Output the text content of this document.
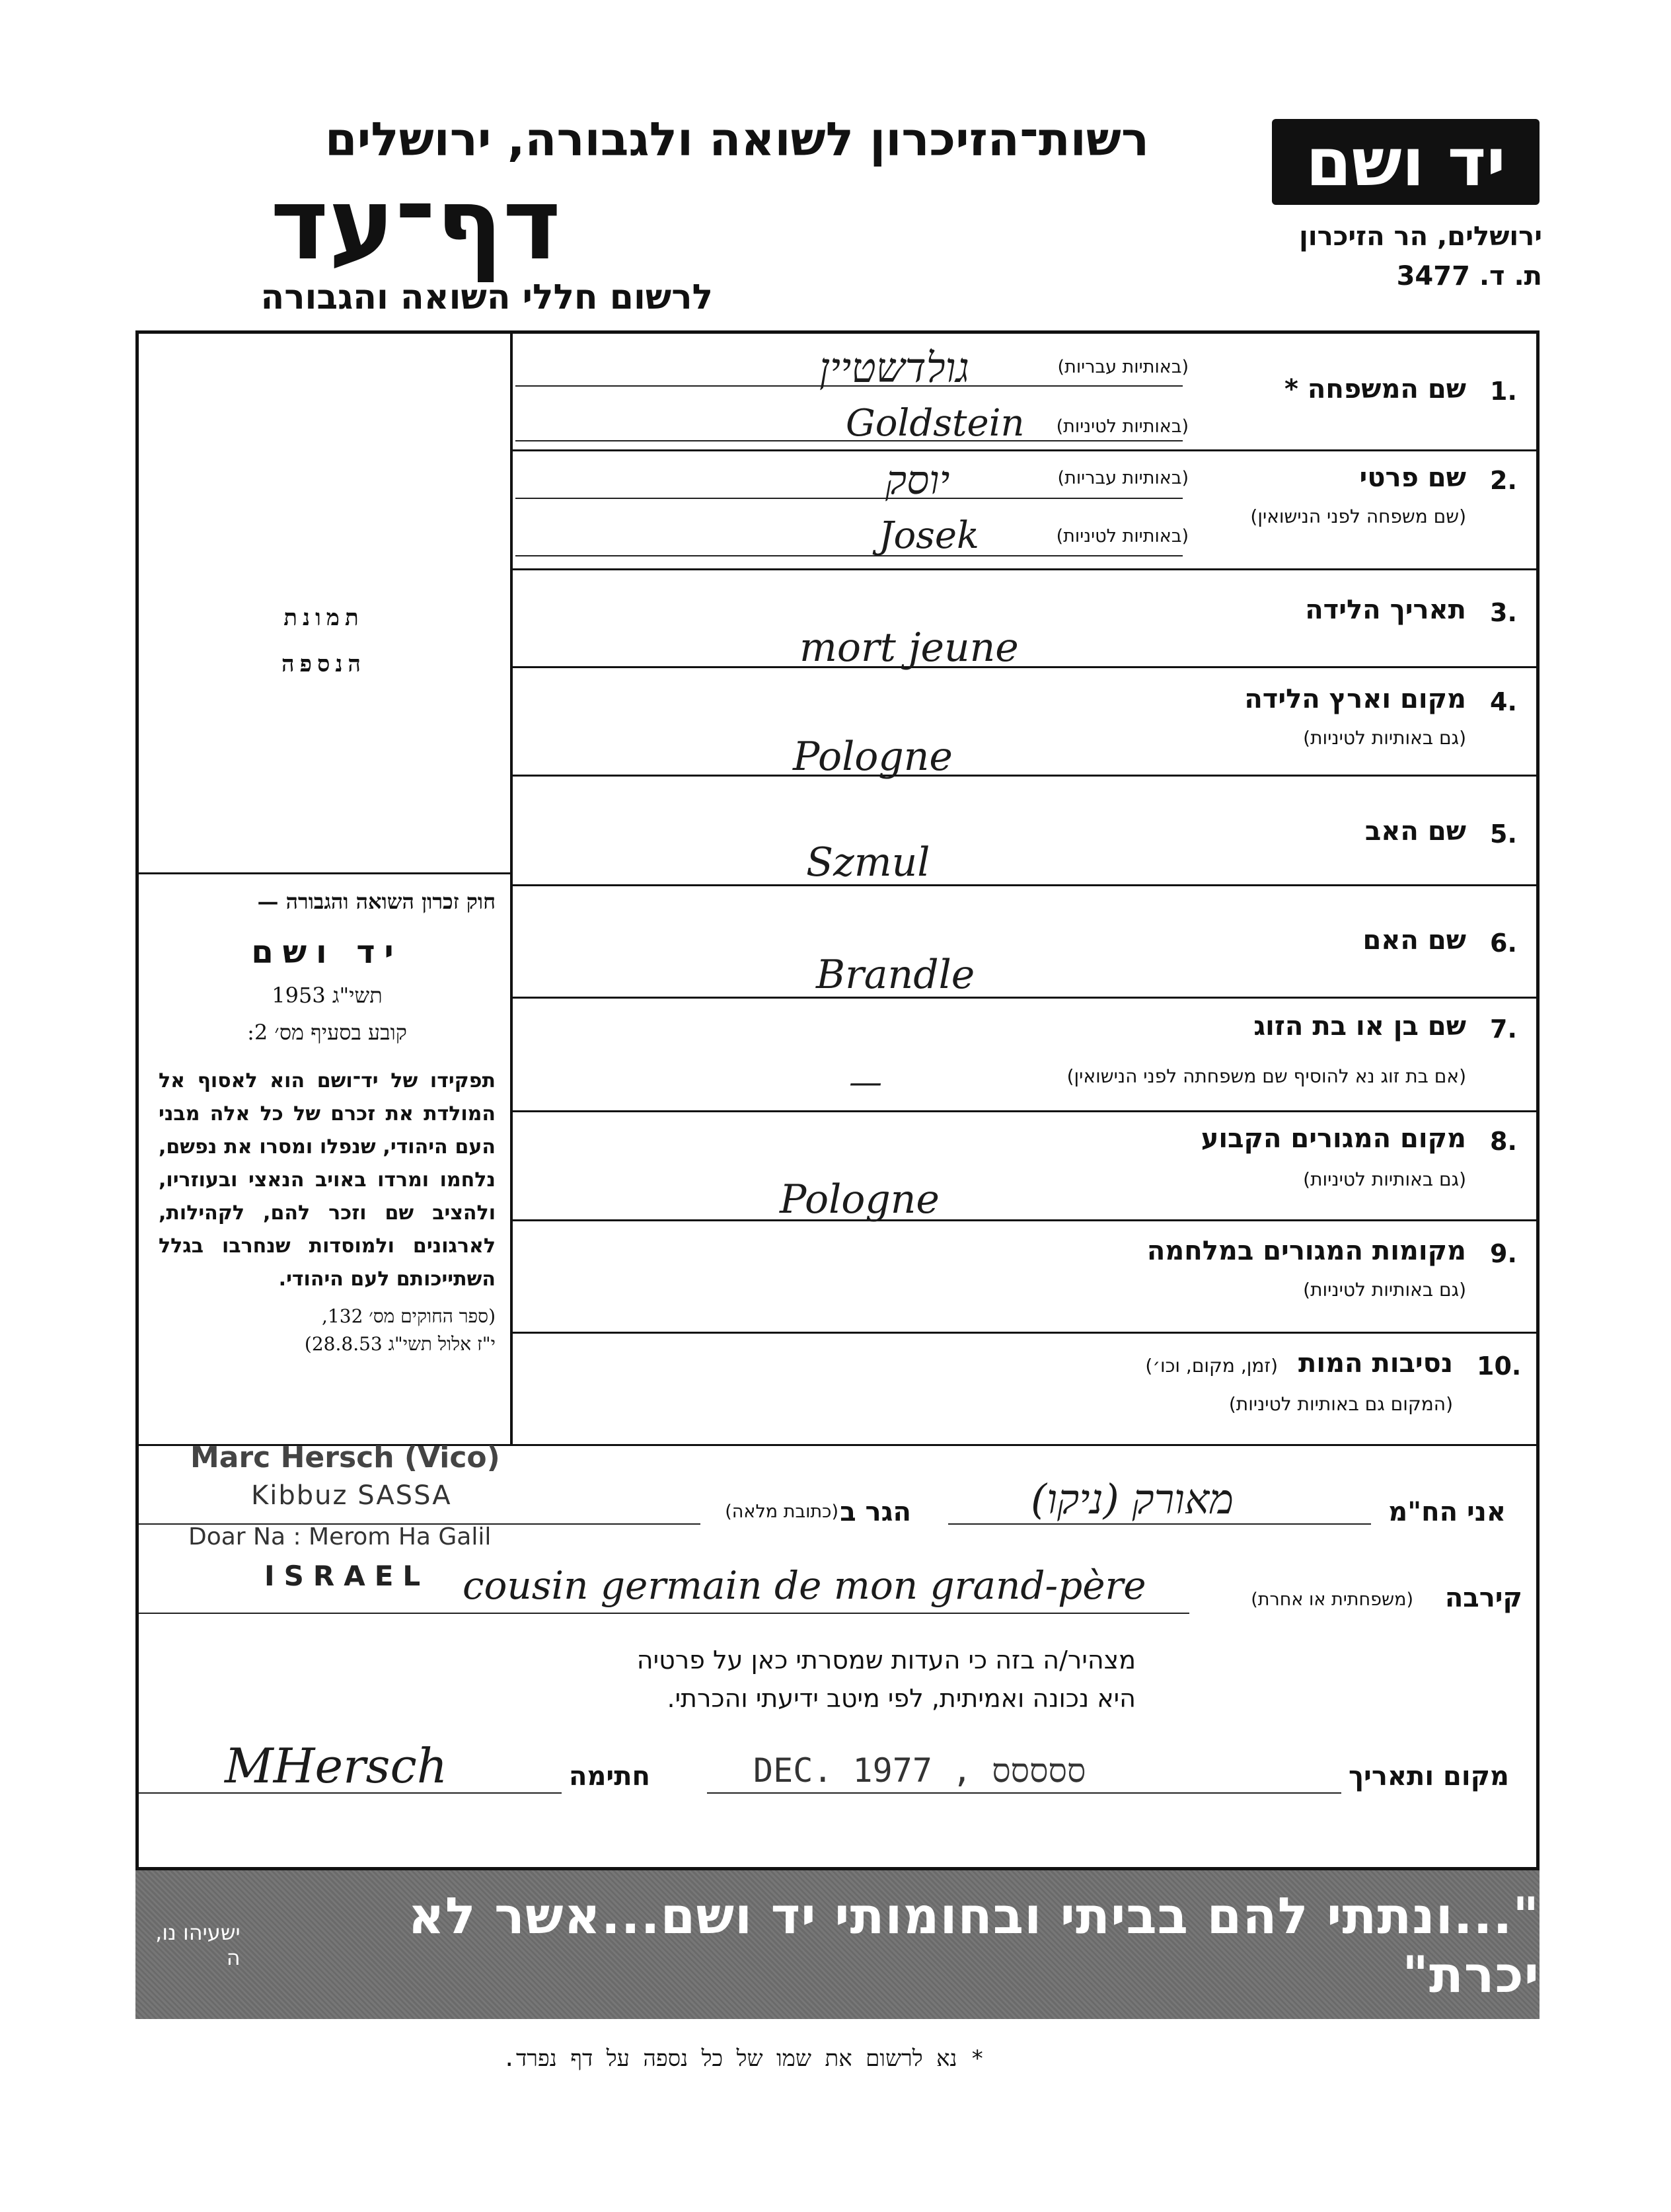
רשות־הזיכרון לשואה ולגבורה, ירושלים
דף־עד
לרשום חללי השואה והגבורה
יד ושם
ירושלים, הר הזיכרון
ת. ד. 3477
תמונת
הנספה
חוק זכרון השואה והגבורה —
יד ושם
תשי"ג 1953
קובע בסעיף מס׳ 2:
תפקידו של יד־ושם הוא לאסוף אל המולדת את זכרם של כל אלה מבני העם היהודי, שנפלו ומסרו את נפשם, נלחמו ומרדו באויב הנאצי ובעוזריו, ולהציב שם וזכר להם, לקהילות, לארגונים ולמוסדות שנחרבו בגלל השתייכותם לעם היהודי.
(ספר החוקים מס׳ 132,
י"ז אלול תשי"ג 28.8.53)
1.
שם המשפחה *
(באותיות עבריות)
גולדשטיין
(באותיות לטיניות)
Goldstein
2.
שם פרטי
(שם משפחה לפני הנישואין)
(באותיות עבריות)
יוסק
(באותיות לטיניות)
Josek
3.
תאריך הלידה
mort jeune
4.
מקום וארץ הלידה
(גם באותיות לטיניות)
Pologne
5.
שם האב
Szmul
6.
שם האם
Brandle
7.
שם בן או בת הזוג
(אם בת זוג נא להוסיף שם משפחתה לפני הנישואין)
—
8.
מקום המגורים הקבוע
(גם באותיות לטיניות)
Pologne
9.
מקומות המגורים במלחמה
(גם באותיות לטיניות)
10.
נסיבות המות
(זמן, מקום, וכו׳)
(המקום גם באותיות לטיניות)
אני הח"מ
מאורק (ניקו)
הגר ב
(כתובת מלאה)
Marc Hersch (Vico)
Kibbuz SASSA
Doar Na : Merom Ha Galil
ISRAEL
קירבה
(משפחתית או אחרת)
cousin germain de mon grand-père
מצהיר/ה בזה כי העדות שמסרתי כאן על פרטיה
היא נכונה ואמיתית, לפי מיטב ידיעתי והכרתי.
מקום ותאריך
DEC. 1977 , ססססס
חתימה
MHersch
"...ונתתי להם בביתי ובחומותי יד ושם...אשר לא יכרת"
ישעיהו נו, ה
* נא לרשום את שמו של כל נספה על דף נפרד.
